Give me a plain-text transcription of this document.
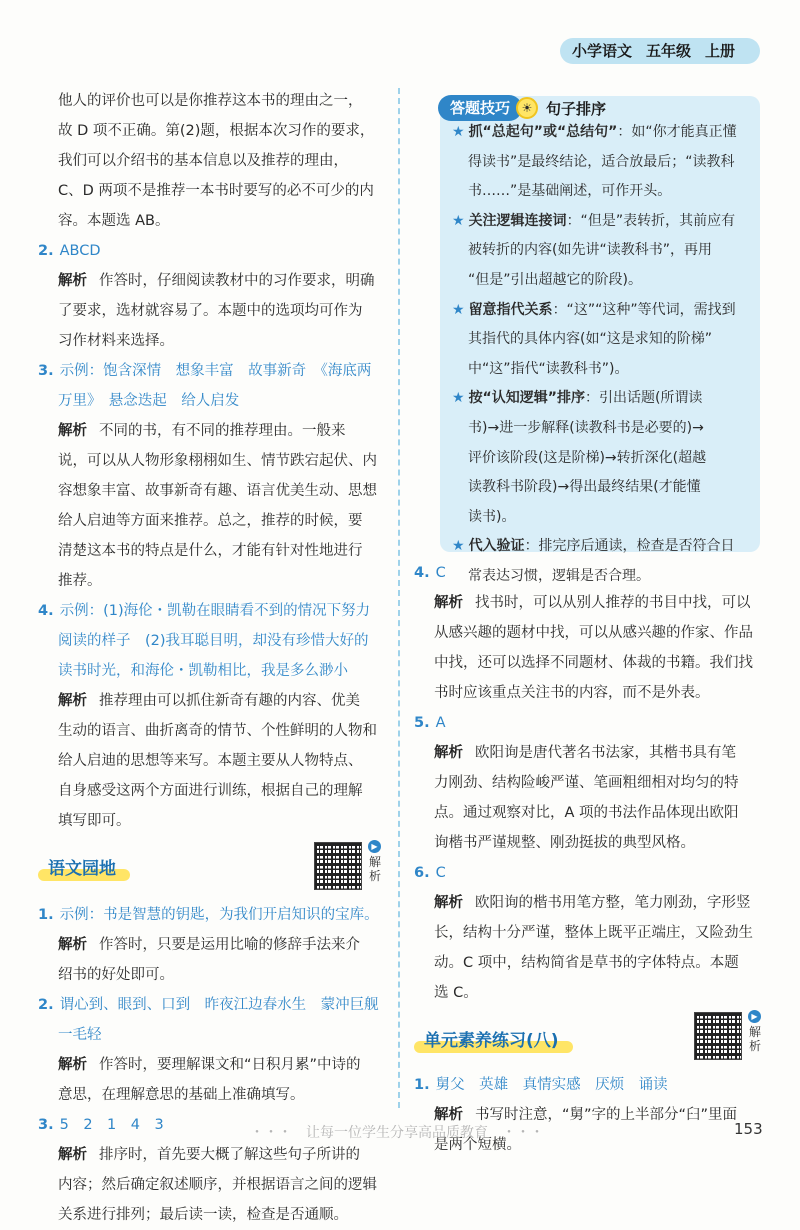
小学语文 五年级 上册

他人的评价也可以是你推荐这本书的理由之一，

故 D 项不正确。第(2)题，根据本次习作的要求，

我们可以介绍书的基本信息以及推荐的理由，

C、D 两项不是推荐一本书时要写的必不可少的内

容。本题选 AB。

2. ABCD

解析 作答时，仔细阅读教材中的习作要求，明确

了要求，选材就容易了。本题中的选项均可作为

习作材料来选择。

3. 示例：饱含深情　想象丰富　故事新奇　《海底两

万里》　悬念迭起　给人启发

解析 不同的书，有不同的推荐理由。一般来

说，可以从人物形象栩栩如生、情节跌宕起伏、内

容想象丰富、故事新奇有趣、语言优美生动、思想

给人启迪等方面来推荐。总之，推荐的时候，要

清楚这本书的特点是什么，才能有针对性地进行

推荐。

4. 示例：(1)海伦・凯勒在眼睛看不到的情况下努力

阅读的样子　(2)我耳聪目明，却没有珍惜大好的

读书时光，和海伦・凯勒相比，我是多么渺小

解析 推荐理由可以抓住新奇有趣的内容、优美

生动的语言、曲折离奇的情节、个性鲜明的人物和

给人启迪的思想等来写。本题主要从人物特点、

自身感受这两个方面进行训练，根据自己的理解

填写即可。

语文园地
▶
解析

1. 示例：书是智慧的钥匙，为我们开启知识的宝库。

解析 作答时，只要是运用比喻的修辞手法来介

绍书的好处即可。

2. 谓心到、眼到、口到　昨夜江边春水生　蒙冲巨舰

一毛轻

解析 作答时，要理解课文和“日积月累”中诗的

意思，在理解意思的基础上准确填写。

3. 5　2　1　4　3

解析 排序时，首先要大概了解这些句子所讲的

内容；然后确定叙述顺序，并根据语言之间的逻辑

关系进行排列；最后读一读，检查是否通顺。

★ 抓“总起句”或“总结句”：如“你才能真正懂

得读书”是最终结论，适合放最后；“读教科

书……”是基础阐述，可作开头。

★ 关注逻辑连接词：“但是”表转折，其前应有

被转折的内容(如先讲“读教科书”，再用

“但是”引出超越它的阶段)。

★ 留意指代关系：“这”“这种”等代词，需找到

其指代的具体内容(如“这是求知的阶梯”

中“这”指代“读教科书”)。

★ 按“认知逻辑”排序：引出话题(所谓读

书)→进一步解释(读教科书是必要的)→

评价该阶段(这是阶梯)→转折深化(超越

读教科书阶段)→得出最终结果(才能懂

读书)。

★ 代入验证：排完序后通读，检查是否符合日

常表达习惯，逻辑是否合理。

答题技巧 ☀ 句子排序

4. C

解析 找书时，可以从别人推荐的书目中找，可以

从感兴趣的题材中找，可以从感兴趣的作家、作品

中找，还可以选择不同题材、体裁的书籍。我们找

书时应该重点关注书的内容，而不是外表。

5. A

解析 欧阳询是唐代著名书法家，其楷书具有笔

力刚劲、结构险峻严谨、笔画粗细相对均匀的特

点。通过观察对比，A 项的书法作品体现出欧阳

询楷书严谨规整、刚劲挺拔的典型风格。

6. C

解析 欧阳询的楷书用笔方整，笔力刚劲，字形竖

长，结构十分严谨，整体上既平正端庄，又险劲生

动。C 项中，结构简省是草书的字体特点。本题

选 C。

单元素养练习(八)
▶
解析

1. 舅父　英雄　真情实感　厌烦　诵读

解析 书写时注意，“舅”字的上半部分“臼”里面

是两个短横。

・・・　让每一位学生分享高品质教育　・・・	153
